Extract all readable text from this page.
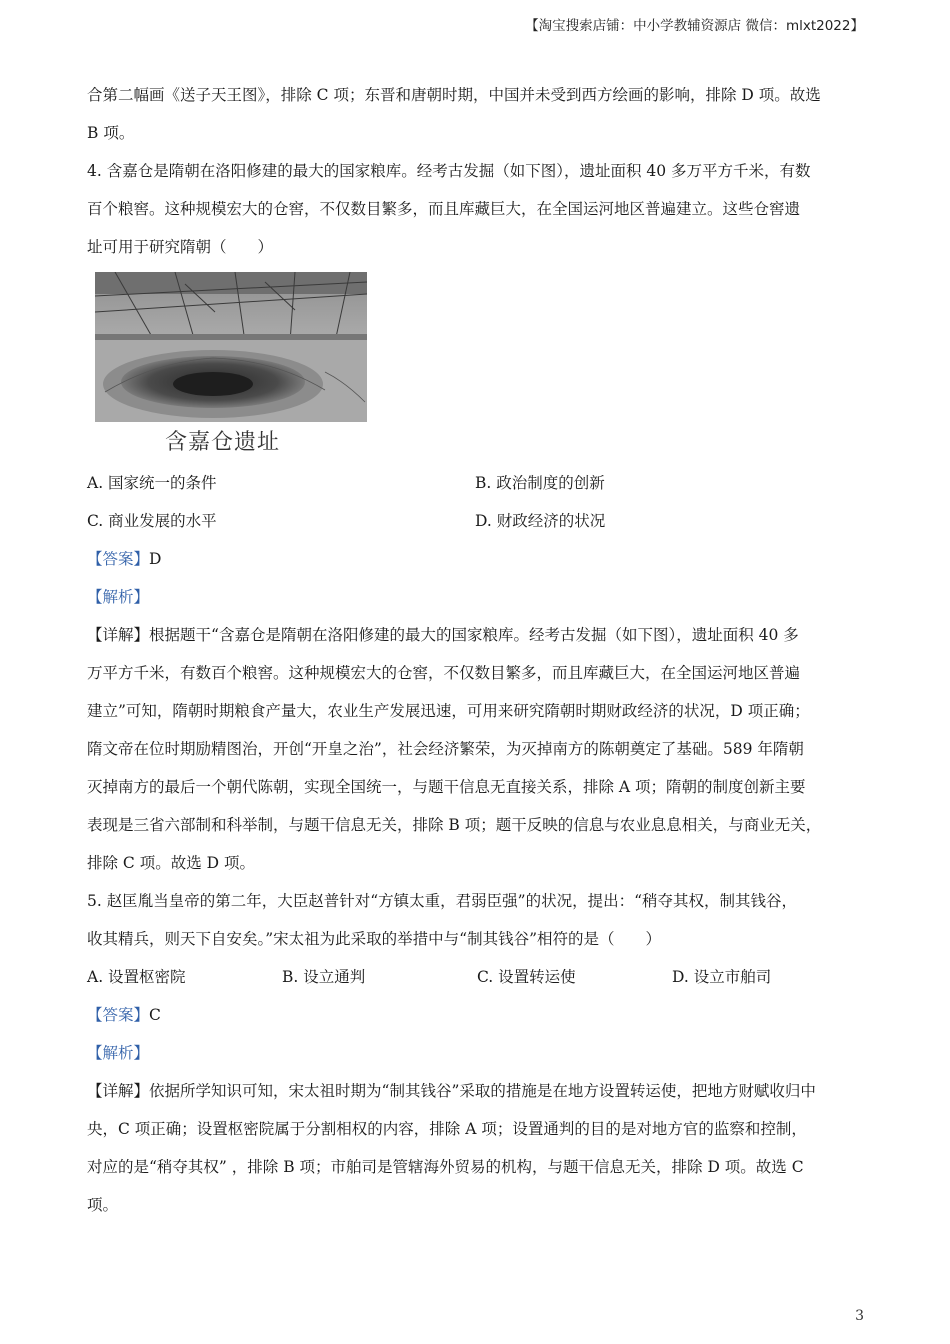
【淘宝搜索店铺：中小学教辅资源店 微信：mlxt2022】

合第二幅画《送子天王图》，排除 C 项；东晋和唐朝时期，中国并未受到西方绘画的影响，排除 D 项。故选

B 项。

4. 含嘉仓是隋朝在洛阳修建的最大的国家粮库。经考古发掘（如下图），遗址面积 40 多万平方千米，有数

百个粮窖。这种规模宏大的仓窖，不仅数目繁多，而且库藏巨大，在全国运河地区普遍建立。这些仓窖遗

址可用于研究隋朝（　　）

含嘉仓遗址
A. 国家统一的条件	B. 政治制度的创新
C. 商业发展的水平	D. 财政经济的状况

【答案】D

【解析】

【详解】根据题干“含嘉仓是隋朝在洛阳修建的最大的国家粮库。经考古发掘（如下图），遗址面积 40 多

万平方千米，有数百个粮窖。这种规模宏大的仓窖，不仅数目繁多，而且库藏巨大，在全国运河地区普遍

建立”可知，隋朝时期粮食产量大，农业生产发展迅速，可用来研究隋朝时期财政经济的状况，D 项正确；

隋文帝在位时期励精图治，开创“开皇之治”，社会经济繁荣，为灭掉南方的陈朝奠定了基础。589 年隋朝

灭掉南方的最后一个朝代陈朝，实现全国统一，与题干信息无直接关系，排除 A 项；隋朝的制度创新主要

表现是三省六部制和科举制，与题干信息无关，排除 B 项；题干反映的信息与农业息息相关，与商业无关，

排除 C 项。故选 D 项。

5. 赵匡胤当皇帝的第二年，大臣赵普针对“方镇太重，君弱臣强”的状况，提出：“稍夺其权，制其钱谷，

收其精兵，则天下自安矣。”宋太祖为此采取的举措中与“制其钱谷”相符的是（　　）

A. 设置枢密院	B. 设立通判	C. 设置转运使	D. 设立市舶司

【答案】C

【解析】

【详解】依据所学知识可知，宋太祖时期为“制其钱谷”采取的措施是在地方设置转运使，把地方财赋收归中

央，C 项正确；设置枢密院属于分割相权的内容，排除 A 项；设置通判的目的是对地方官的监察和控制，

对应的是“稍夺其权” ，排除 B 项；市舶司是管辖海外贸易的机构，与题干信息无关，排除 D 项。故选 C

项。

3
